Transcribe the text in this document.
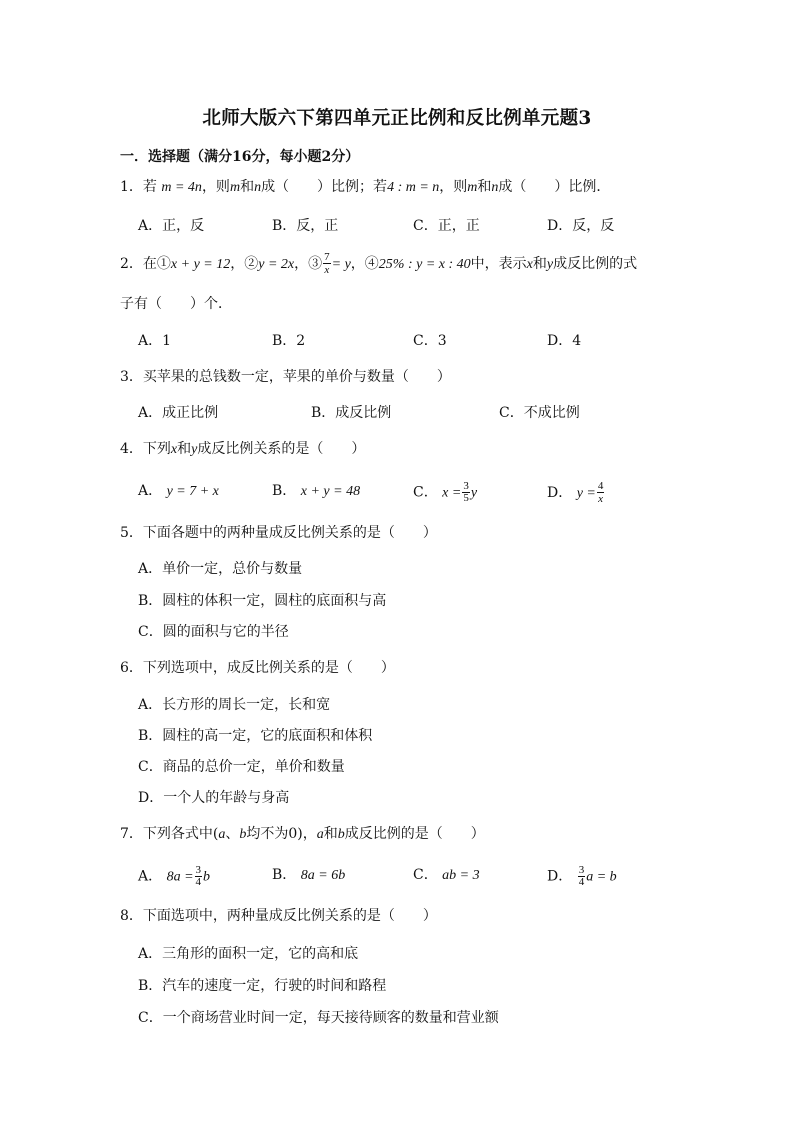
北师大版六下第四单元正比例和反比例单元题3
一．选择题（满分16分，每小题2分）
1．若 m = 4n，则m和n成（　　）比例；若4 : m = n，则m和n成（　　）比例．
A．正，反	B．反，正	C．正，正	D．反，反
2．在①x + y = 12，②y = 2x，③ $\frac{7}{x} = y$，④25% : y = x : 40中，表示x和y成反比例的式
子有（　　）个．
A．1	B．2	C．3	D．4
3．买苹果的总钱数一定，苹果的单价与数量（　　）
A．成正比例	B．成反比例	C．不成比例
4．下列x和y成反比例关系的是（　　）
A． y = 7 + x	B． x + y = 48	C． $x = \frac{3}{5}$ y	D． $y = \frac{4}{x}$
5．下面各题中的两种量成反比例关系的是（　　）
A．单价一定，总价与数量
B．圆柱的体积一定，圆柱的底面积与高
C．圆的面积与它的半径
6．下列选项中，成反比例关系的是（　　）
A．长方形的周长一定，长和宽
B．圆柱的高一定，它的底面积和体积
C．商品的总价一定，单价和数量
D．一个人的年龄与身高
7．下列各式中(a、b均不为0)，a和b成反比例的是（　　）
A． $8a = \frac{3}{4}$ b	B． 8a = 6b	C． ab = 3	D． $\frac{3}{4}$ a = b
8．下面选项中，两种量成反比例关系的是（　　）
A．三角形的面积一定，它的高和底
B．汽车的速度一定，行驶的时间和路程
C．一个商场营业时间一定，每天接待顾客的数量和营业额
